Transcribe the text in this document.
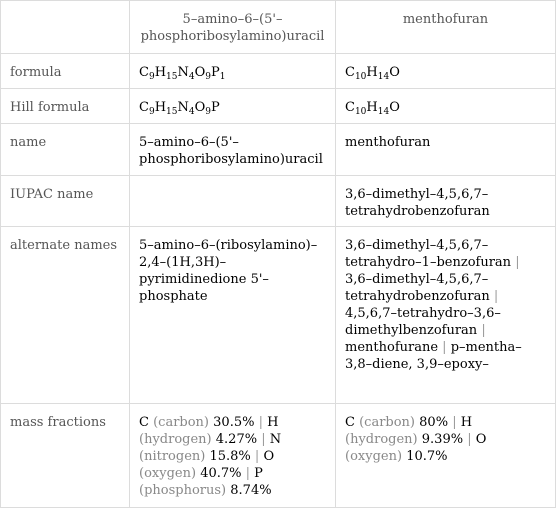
	5–amino–6–(5'–phosphoribosylamino)uracil	menthofuran
formula	$C_9H_{15}N_4O_9P_1$	$C_{10}H_{14}O$
Hill formula	$C_9H_{15}N_4O_9P$	$C_{10}H_{14}O$
name	5–amino–6–(5'–phosphoribosylamino)uracil	menthofuran
IUPAC name		3,6–dimethyl–4,5,6,7–tetrahydrobenzofuran
alternate names	5–amino–6–(ribosylamino)–2,4–(1H,3H)–pyrimidinedione 5'–phosphate	3,6–dimethyl–4,5,6,7–tetrahydro–1–benzofuran | 3,6–dimethyl–4,5,6,7–tetrahydrobenzofuran | 4,5,6,7–tetrahydro–3,6–dimethylbenzofuran | menthofurane | p–mentha–3,8–diene, 3,9–epoxy–
mass fractions	C (carbon) 30.5% | H (hydrogen) 4.27% | N (nitrogen) 15.8% | O (oxygen) 40.7% | P (phosphorus) 8.74%	C (carbon) 80% | H (hydrogen) 9.39% | O (oxygen) 10.7%
